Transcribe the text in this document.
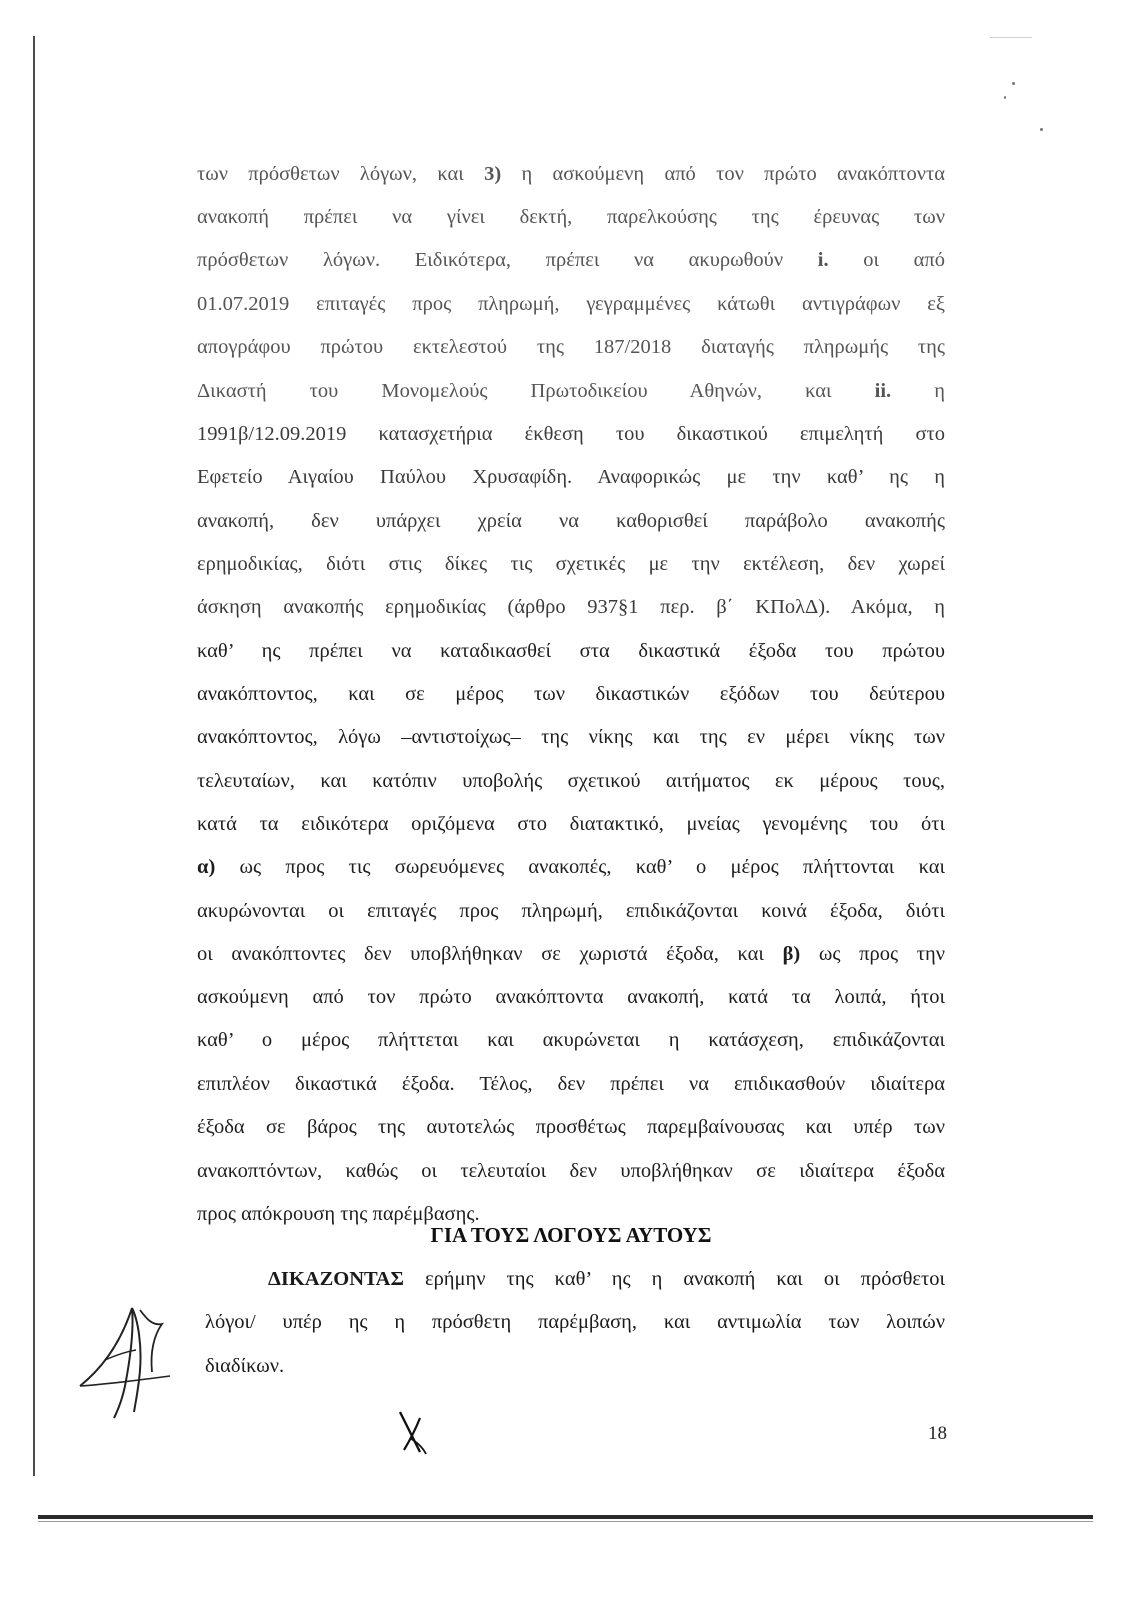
των πρόσθετων λόγων, και 3) η ασκούμενη από τον πρώτο ανακόπτοντα
ανακοπή πρέπει να γίνει δεκτή, παρελκούσης της έρευνας των
πρόσθετων λόγων. Ειδικότερα, πρέπει να ακυρωθούν i. οι από
01.07.2019 επιταγές προς πληρωμή, γεγραμμένες κάτωθι αντιγράφων εξ
απογράφου πρώτου εκτελεστού της 187/2018 διαταγής πληρωμής της
Δικαστή του Μονομελούς Πρωτοδικείου Αθηνών, και ii. η
1991β/12.09.2019 κατασχετήρια έκθεση του δικαστικού επιμελητή στο
Εφετείο Αιγαίου Παύλου Χρυσαφίδη. Αναφορικώς με την καθ’ ης η
ανακοπή, δεν υπάρχει χρεία να καθορισθεί παράβολο ανακοπής
ερημοδικίας, διότι στις δίκες τις σχετικές με την εκτέλεση, δεν χωρεί
άσκηση ανακοπής ερημοδικίας (άρθρο 937§1 περ. β΄ ΚΠολΔ). Ακόμα, η
καθ’ ης πρέπει να καταδικασθεί στα δικαστικά έξοδα του πρώτου
ανακόπτοντος, και σε μέρος των δικαστικών εξόδων του δεύτερου
ανακόπτοντος, λόγω –αντιστοίχως– της νίκης και της εν μέρει νίκης των
τελευταίων, και κατόπιν υποβολής σχετικού αιτήματος εκ μέρους τους,
κατά τα ειδικότερα οριζόμενα στο διατακτικό, μνείας γενομένης του ότι
α) ως προς τις σωρευόμενες ανακοπές, καθ’ ο μέρος πλήττονται και
ακυρώνονται οι επιταγές προς πληρωμή, επιδικάζονται κοινά έξοδα, διότι
οι ανακόπτοντες δεν υποβλήθηκαν σε χωριστά έξοδα, και β) ως προς την
ασκούμενη από τον πρώτο ανακόπτοντα ανακοπή, κατά τα λοιπά, ήτοι
καθ’ ο μέρος πλήττεται και ακυρώνεται η κατάσχεση, επιδικάζονται
επιπλέον δικαστικά έξοδα. Τέλος, δεν πρέπει να επιδικασθούν ιδιαίτερα
έξοδα σε βάρος της αυτοτελώς προσθέτως παρεμβαίνουσας και υπέρ των
ανακοπτόντων, καθώς οι τελευταίοι δεν υποβλήθηκαν σε ιδιαίτερα έξοδα
προς απόκρουση της παρέμβασης.
ΓΙΑ ΤΟΥΣ ΛΟΓΟΥΣ ΑΥΤΟΥΣ
ΔΙΚΑΖΟΝΤΑΣ ερήμην της καθ’ ης η ανακοπή και οι πρόσθετοι
λόγοι/ υπέρ ης η πρόσθετη παρέμβαση, και αντιμωλία των λοιπών
διαδίκων.
18
